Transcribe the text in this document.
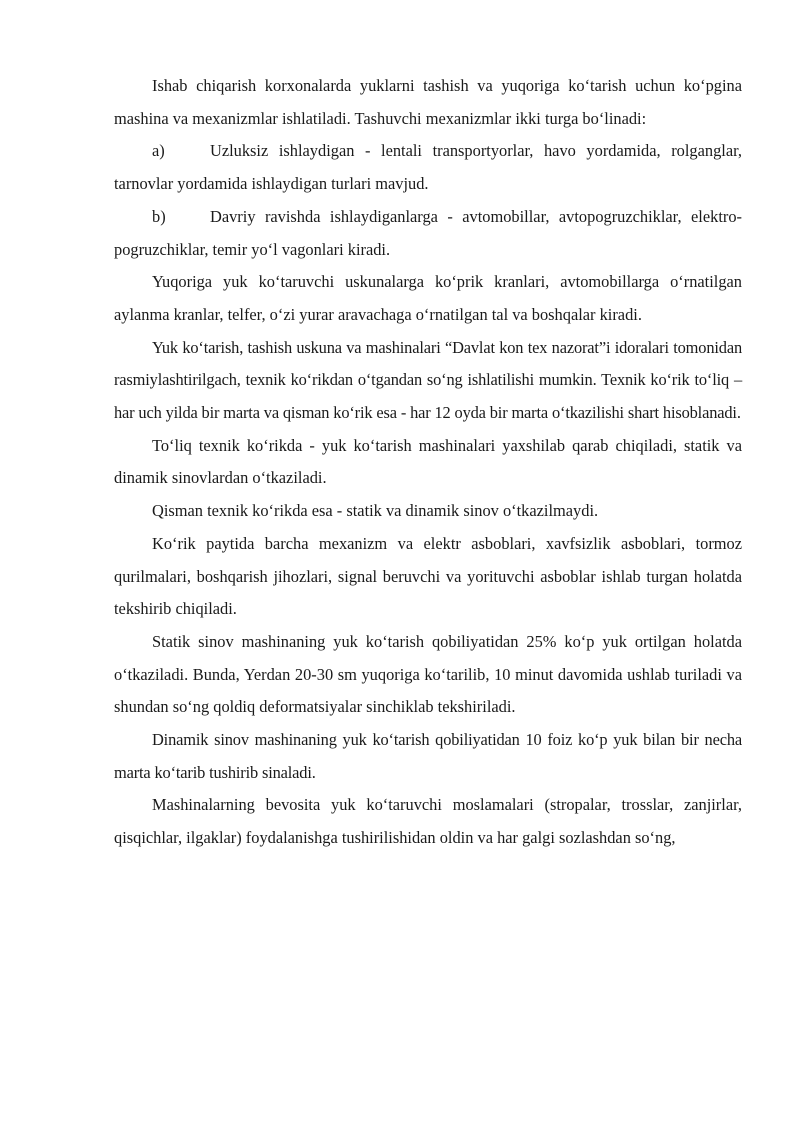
Ishab chiqarish korxonalarda yuklarni tashish va yuqoriga ko‘tarish uchun ko‘pgina mashina va mexanizmlar ishlatiladi. Tashuvchi mexanizmlar ikki turga bo‘linadi:

a)	Uzluksiz ishlaydigan - lentali transportyorlar, havo yordamida, rolganglar, tarnovlar yordamida ishlaydigan turlari mavjud.

b)	Davriy ravishda ishlaydiganlarga - avtomobillar, avtopogruzchiklar, elektro-pogruzchiklar, temir yo‘l vagonlari kiradi.

Yuqoriga yuk ko‘taruvchi uskunalarga ko‘prik kranlari, avtomobillarga o‘rnatilgan aylanma kranlar, telfer, o‘zi yurar aravachaga o‘rnatilgan tal va boshqalar kiradi.

Yuk ko‘tarish, tashish uskuna va mashinalari “Davlat kon tex nazorat”i idoralari tomonidan rasmiylashtirilgach, texnik ko‘rikdan o‘tgandan so‘ng ishlatilishi mumkin. Texnik ko‘rik to‘liq – har uch yilda bir marta va qisman ko‘rik esa - har 12 oyda bir marta o‘tkazilishi shart hisoblanadi.

To‘liq texnik ko‘rikda - yuk ko‘tarish mashinalari yaxshilab qarab chiqiladi, statik va dinamik sinovlardan o‘tkaziladi.

Qisman texnik ko‘rikda esa - statik va dinamik sinov o‘tkazilmaydi.

Ko‘rik paytida barcha mexanizm va elektr asboblari, xavfsizlik asboblari, tormoz qurilmalari, boshqarish jihozlari, signal beruvchi va yorituvchi asboblar ishlab turgan holatda tekshirib chiqiladi.

Statik sinov mashinaning yuk ko‘tarish qobiliyatidan 25% ko‘p yuk ortilgan holatda o‘tkaziladi. Bunda, Yerdan 20-30 sm yuqoriga ko‘tarilib, 10 minut davomida ushlab turiladi va shundan so‘ng qoldiq deformatsiyalar sinchiklab tekshiriladi.

Dinamik sinov mashinaning yuk ko‘tarish qobiliyatidan 10 foiz ko‘p yuk bilan bir necha marta ko‘tarib tushirib sinaladi.

Mashinalarning bevosita yuk ko‘taruvchi moslamalari (stropalar, trosslar, zanjirlar, qisqichlar, ilgaklar) foydalanishga tushirilishidan oldin va har galgi sozlashdan so‘ng,
